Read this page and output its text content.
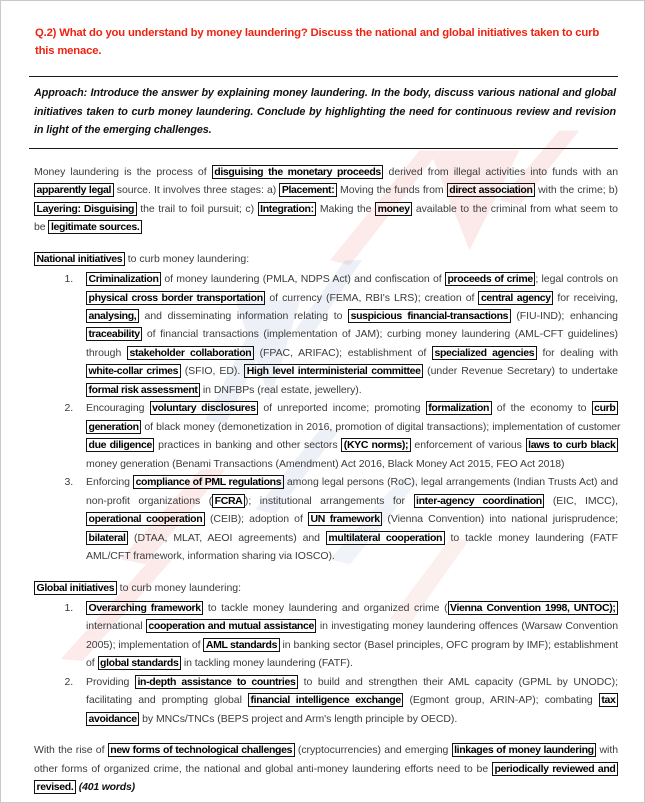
Q.2) What do you understand by money laundering? Discuss the national and global initiatives taken to curb this menace.

Approach: Introduce the answer by explaining money laundering. In the body, discuss various national and global initiatives taken to curb money laundering. Conclude by highlighting the need for continuous review and revision in light of the emerging challenges.

Money laundering is the process of disguising the monetary proceeds derived from illegal activities into funds with an apparently legal source. It involves three stages: a) Placement: Moving the funds from direct association with the crime; b) Layering: Disguising the trail to foil pursuit; c) Integration: Making the money available to the criminal from what seem to be legitimate sources.

National initiatives to curb money laundering:

1. Criminalization of money laundering (PMLA, NDPS Act) and confiscation of proceeds of crime ; legal controls on physical cross border transportation of currency (FEMA, RBI's LRS); creation of central agency for receiving, analysing, and disseminating information relating to suspicious financial-transactions (FIU-IND); enhancing traceability of financial transactions (implementation of JAM); curbing money laundering (AML-CFT guidelines) through stakeholder collaboration (FPAC, ARIFAC); establishment of specialized agencies for dealing with white-collar crimes (SFIO, ED). High level interministerial committee (under Revenue Secretary) to undertake formal risk assessment in DNFBPs (real estate, jewellery).
2. Encouraging voluntary disclosures of unreported income; promoting formalization of the economy to curb generation of black money (demonetization in 2016, promotion of digital transactions); implementation of customer due diligence practices in banking and other sectors (KYC norms); enforcement of various laws to curb black money generation (Benami Transactions (Amendment) Act 2016, Black Money Act 2015, FEO Act 2018)
3. Enforcing compliance of PML regulations among legal persons (RoC), legal arrangements (Indian Trusts Act) and non-profit organizations ( FCRA ); institutional arrangements for inter-agency coordination (EIC, IMCC), operational cooperation (CEIB); adoption of UN framework (Vienna Convention) into national jurisprudence; bilateral (DTAA, MLAT, AEOI agreements) and multilateral cooperation to tackle money laundering (FATF AML/CFT framework, information sharing via IOSCO).

Global initiatives to curb money laundering:

1. Overarching framework to tackle money laundering and organized crime ( Vienna Convention 1998, UNTOC); international cooperation and mutual assistance in investigating money laundering offences (Warsaw Convention 2005); implementation of AML standards in banking sector (Basel principles, OFC program by IMF); establishment of global standards in tackling money laundering (FATF).
2. Providing in-depth assistance to countries to build and strengthen their AML capacity (GPML by UNODC); facilitating and prompting global financial intelligence exchange (Egmont group, ARIN-AP); combating tax avoidance by MNCs/TNCs (BEPS project and Arm's length principle by OECD).

With the rise of new forms of technological challenges (cryptocurrencies) and emerging linkages of money laundering with other forms of organized crime, the national and global anti-money laundering efforts need to be periodically reviewed and revised. (401 words)
